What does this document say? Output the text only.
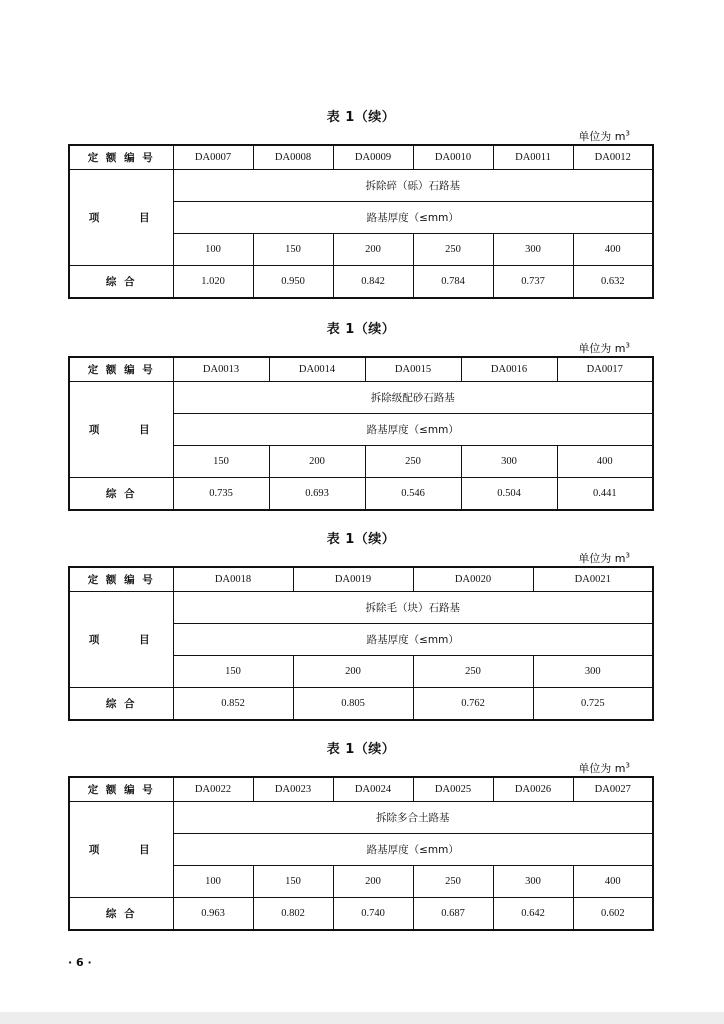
表 1（续）
单位为 $m^3$
定 额 编 号	DA0007	DA0008	DA0009	DA0010	DA0011	DA0012
项 目	拆除碎（砾）石路基					
	路基厚度（≤mm）					
	100	150	200	250	300	400
综 合	1.020	0.950	0.842	0.784	0.737	0.632
表 1（续）
单位为 $m^3$
定 额 编 号	DA0013	DA0014	DA0015	DA0016	DA0017
项 目	拆除级配砂石路基				
	路基厚度（≤mm）				
	150	200	250	300	400
综 合	0.735	0.693	0.546	0.504	0.441
表 1（续）
单位为 $m^3$
定 额 编 号	DA0018	DA0019	DA0020	DA0021
项 目	拆除毛（块）石路基			
	路基厚度（≤mm）			
	150	200	250	300
综 合	0.852	0.805	0.762	0.725
表 1（续）
单位为 $m^3$
定 额 编 号	DA0022	DA0023	DA0024	DA0025	DA0026	DA0027
项 目	拆除多合土路基					
	路基厚度（≤mm）					
	100	150	200	250	300	400
综 合	0.963	0.802	0.740	0.687	0.642	0.602
· 6 ·
